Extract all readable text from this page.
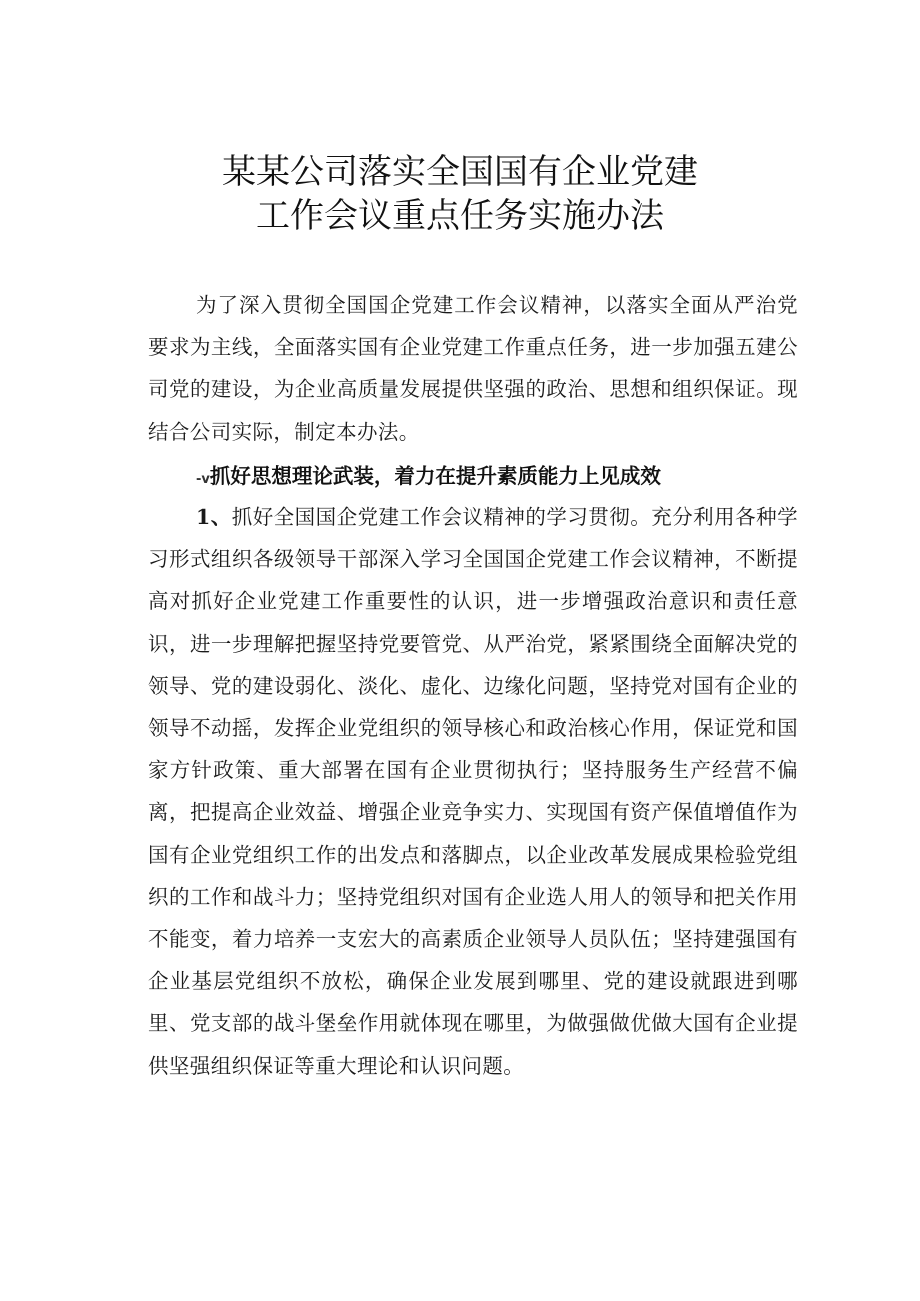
某某公司落实全国国有企业党建
工作会议重点任务实施办法

为了深入贯彻全国国企党建工作会议精神，以落实全面从严治党要求为主线，全面落实国有企业党建工作重点任务，进一步加强五建公司党的建设，为企业高质量发展提供坚强的政治、思想和组织保证。现结合公司实际，制定本办法。

-v抓好思想理论武装，着力在提升素质能力上见成效

1、抓好全国国企党建工作会议精神的学习贯彻。充分利用各种学习形式组织各级领导干部深入学习全国国企党建工作会议精神，不断提高对抓好企业党建工作重要性的认识，进一步增强政治意识和责任意识，进一步理解把握坚持党要管党、从严治党，紧紧围绕全面解决党的领导、党的建设弱化、淡化、虚化、边缘化问题，坚持党对国有企业的领导不动摇，发挥企业党组织的领导核心和政治核心作用，保证党和国家方针政策、重大部署在国有企业贯彻执行；坚持服务生产经营不偏离，把提高企业效益、增强企业竞争实力、实现国有资产保值增值作为国有企业党组织工作的出发点和落脚点，以企业改革发展成果检验党组织的工作和战斗力；坚持党组织对国有企业选人用人的领导和把关作用不能变，着力培养一支宏大的高素质企业领导人员队伍；坚持建强国有企业基层党组织不放松，确保企业发展到哪里、党的建设就跟进到哪里、党支部的战斗堡垒作用就体现在哪里，为做强做优做大国有企业提供坚强组织保证等重大理论和认识问题。
